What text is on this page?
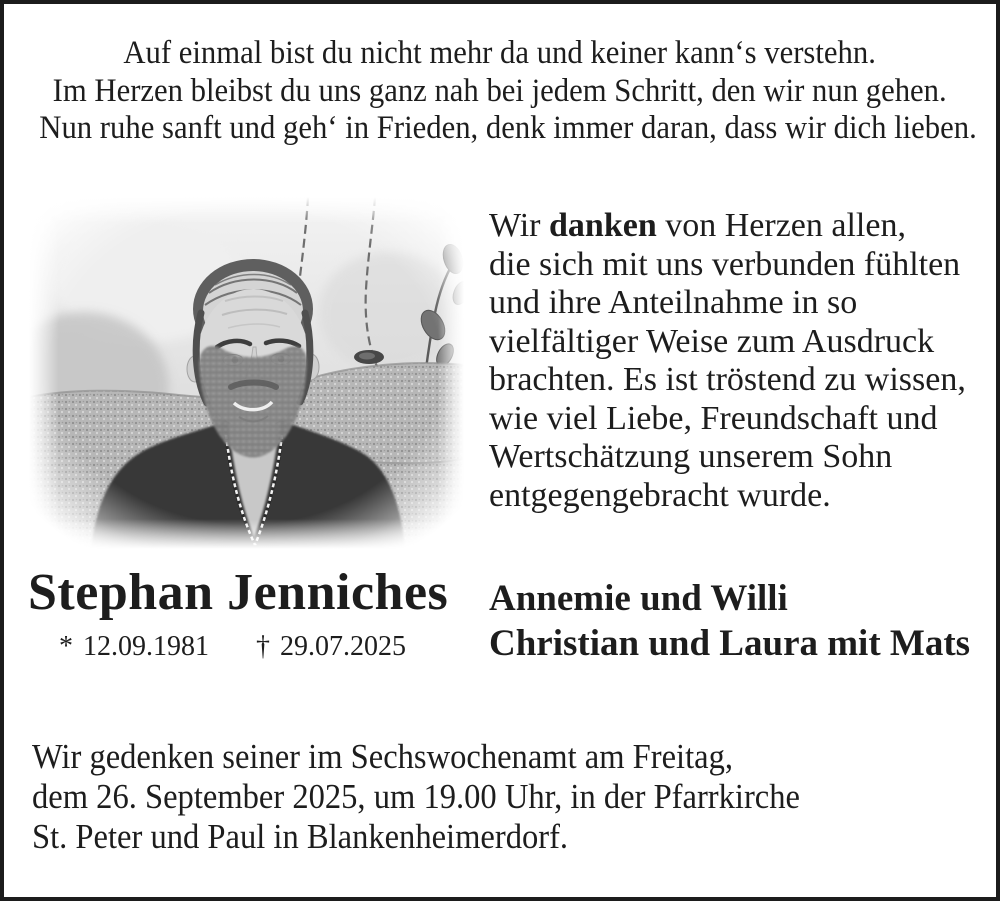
Auf einmal bist du nicht mehr da und keiner kann‘s verstehn.
Im Herzen bleibst du uns ganz nah bei jedem Schritt, den wir nun gehen.
Nun ruhe sanft und geh‘ in Frieden, denk immer daran, dass wir dich lieben.
Wir danken von Herzen allen,
die sich mit uns verbunden fühlten
und ihre Anteilnahme in so
vielfältiger Weise zum Ausdruck
brachten. Es ist tröstend zu wissen,
wie viel Liebe, Freundschaft und
Wertschätzung unserem Sohn
entgegengebracht wurde.
Stephan Jenniches
* 12.09.1981 † 29.07.2025
Annemie und Willi
Christian und Laura mit Mats
Wir gedenken seiner im Sechswochenamt am Freitag,
dem 26. September 2025, um 19.00 Uhr, in der Pfarrkirche
St. Peter und Paul in Blankenheimerdorf.
